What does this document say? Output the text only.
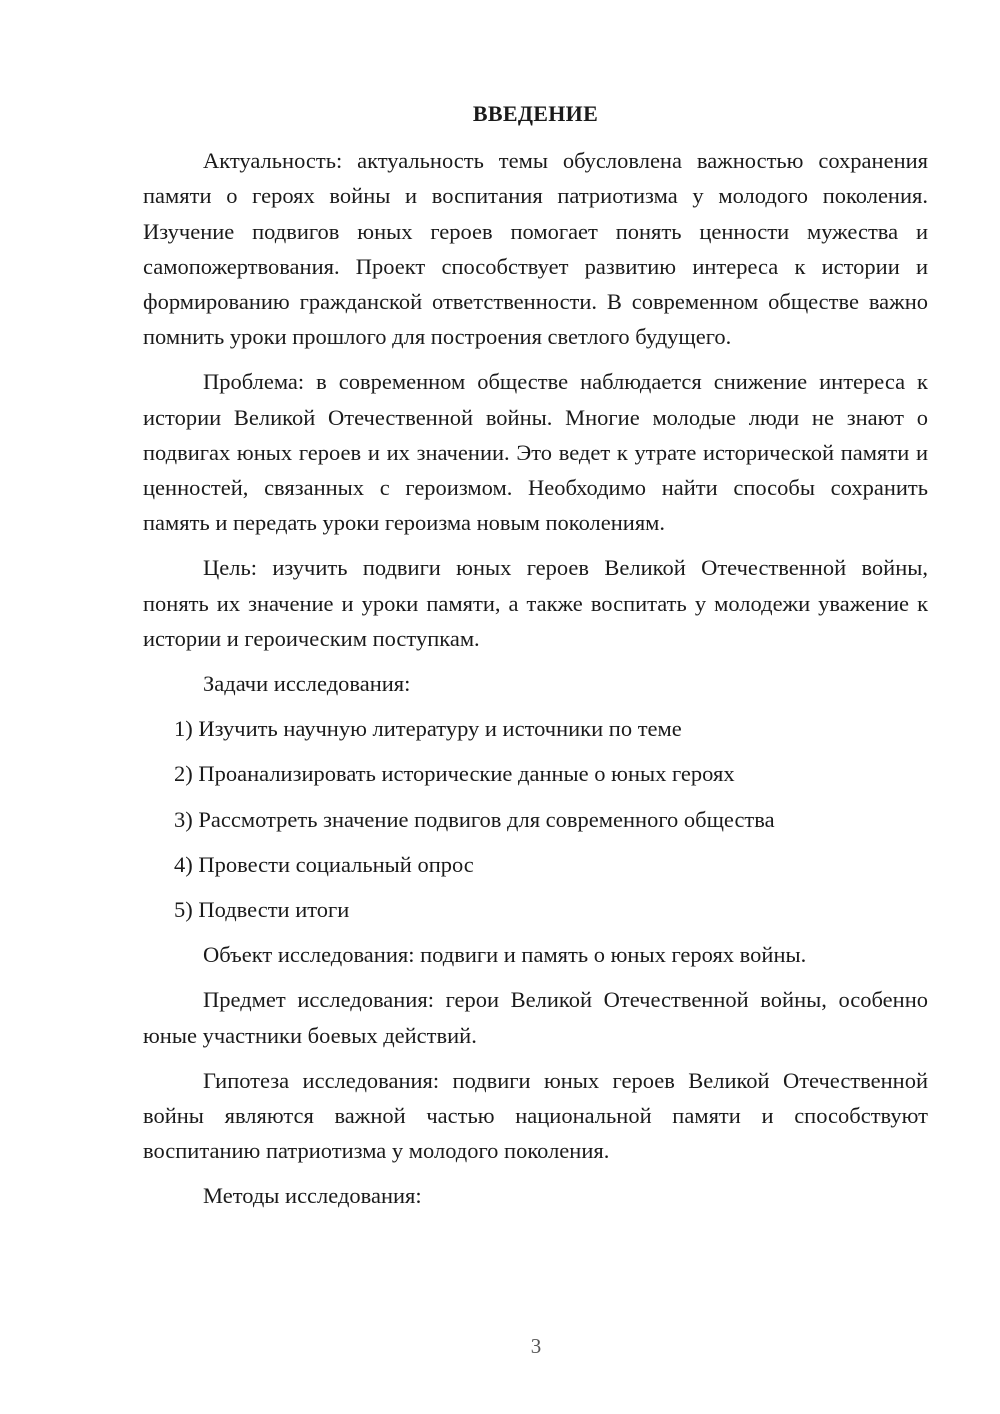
ВВЕДЕНИЕ

Актуальность: актуальность темы обусловлена важностью сохранения памяти о героях войны и воспитания патриотизма у молодого поколения. Изучение подвигов юных героев помогает понять ценности мужества и самопожертвования. Проект способствует развитию интереса к истории и формированию гражданской ответственности. В современном обществе важно помнить уроки прошлого для построения светлого будущего.

Проблема: в современном обществе наблюдается снижение интереса к истории Великой Отечественной войны. Многие молодые люди не знают о подвигах юных героев и их значении. Это ведет к утрате исторической памяти и ценностей, связанных с героизмом. Необходимо найти способы сохранить память и передать уроки героизма новым поколениям.

Цель: изучить подвиги юных героев Великой Отечественной войны, понять их значение и уроки памяти, а также воспитать у молодежи уважение к истории и героическим поступкам.

Задачи исследования:

1) Изучить научную литературу и источники по теме
2) Проанализировать исторические данные о юных героях
3) Рассмотреть значение подвигов для современного общества
4) Провести социальный опрос
5) Подвести итоги

Объект исследования: подвиги и память о юных героях войны.

Предмет исследования: герои Великой Отечественной войны, особенно юные участники боевых действий.

Гипотеза исследования: подвиги юных героев Великой Отечественной войны являются важной частью национальной памяти и способствуют воспитанию патриотизма у молодого поколения.

Методы исследования:

3
